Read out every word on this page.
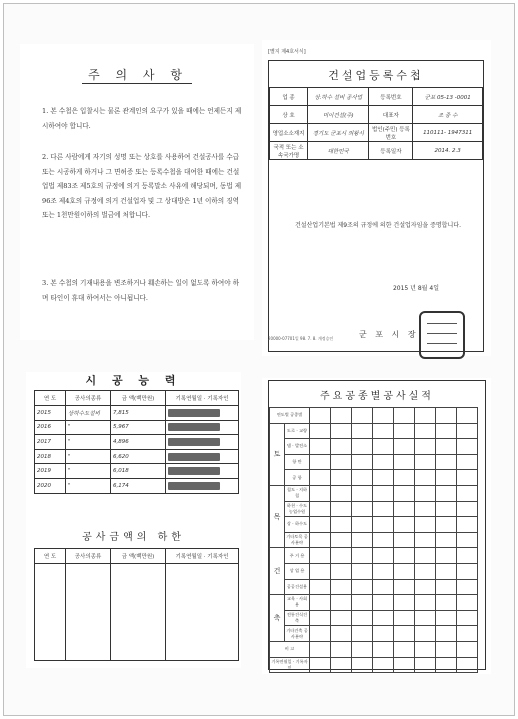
주 의 사 항
1. 본 수첩은 입찰시는 물론 관계인의 요구가 있을 때에는 언제든지 제시하여야 합니다.
2. 다른 사람에게 자기의 성명 또는 상호를 사용하여 건설공사를 수급 또는 시공하게 하거나 그 면허증 또는 등록수첩을 대여한 때에는 건설업법 제83조 제5호의 규정에 의거 등록말소 사유에 해당되며, 동법 제96조 제4호의 규정에 의거 건설업자 및 그 상대방은 1년 이하의 징역 또는 1천만원이하의 벌금에 처합니다.
3. 본 수첩의 기재내용을 변조하거나 훼손하는 일이 없도록 하여야 하며 타인이 휴대 하여서는 아니됩니다.
[별지 제4호서식]
건설업등록수첩
업 종	상.하수 설비 공사업	등록번호	군포 05-13 -0001
상 호	미이건설(주)	대표자	조 중 수
영업소소재지	경기도 군포시 의왕시	법인(주민) 등록번호	110111- 1947311
국적 또는 소속국가명	대한민국	등록일자	2014. 2.3
건설산업기본법 제9조의 규정에 의한 건설업자임을 증명합니다.
2015 년 8월 4일
군 포 시 장
20000-07701일 98. 7. 8. 개정승인
시 공 능 력
연 도	공사의종류	금 액(백만원)	기록연월일 · 기록자인
2015	상하수도설비	7,815	
2016	"	5,967	
2017	"	4,896	
2018	"	6,620	
2019	"	6,018	
2020	"	6,174	
공사금액의 하한
연 도	공사의종류	금 액(백만원)	기록연월일 · 기록자인

주요공종별공사실적
연도별 공종별									
토	도로 · 교량								
	댐 · 발전소								
	항 만								
	공 항								
목	철도 · 지하철								
	하천 · 수도 농업수원								
	상 · 하수도								
	기타토목 공사분야								
건	주 거 용								
	상 업 용								
	공공건설용								
축	교육 · 사회용								
	전통건식건축								
	기타건축 공사분야								
비 고									
기록연월일 · 기록자인									
